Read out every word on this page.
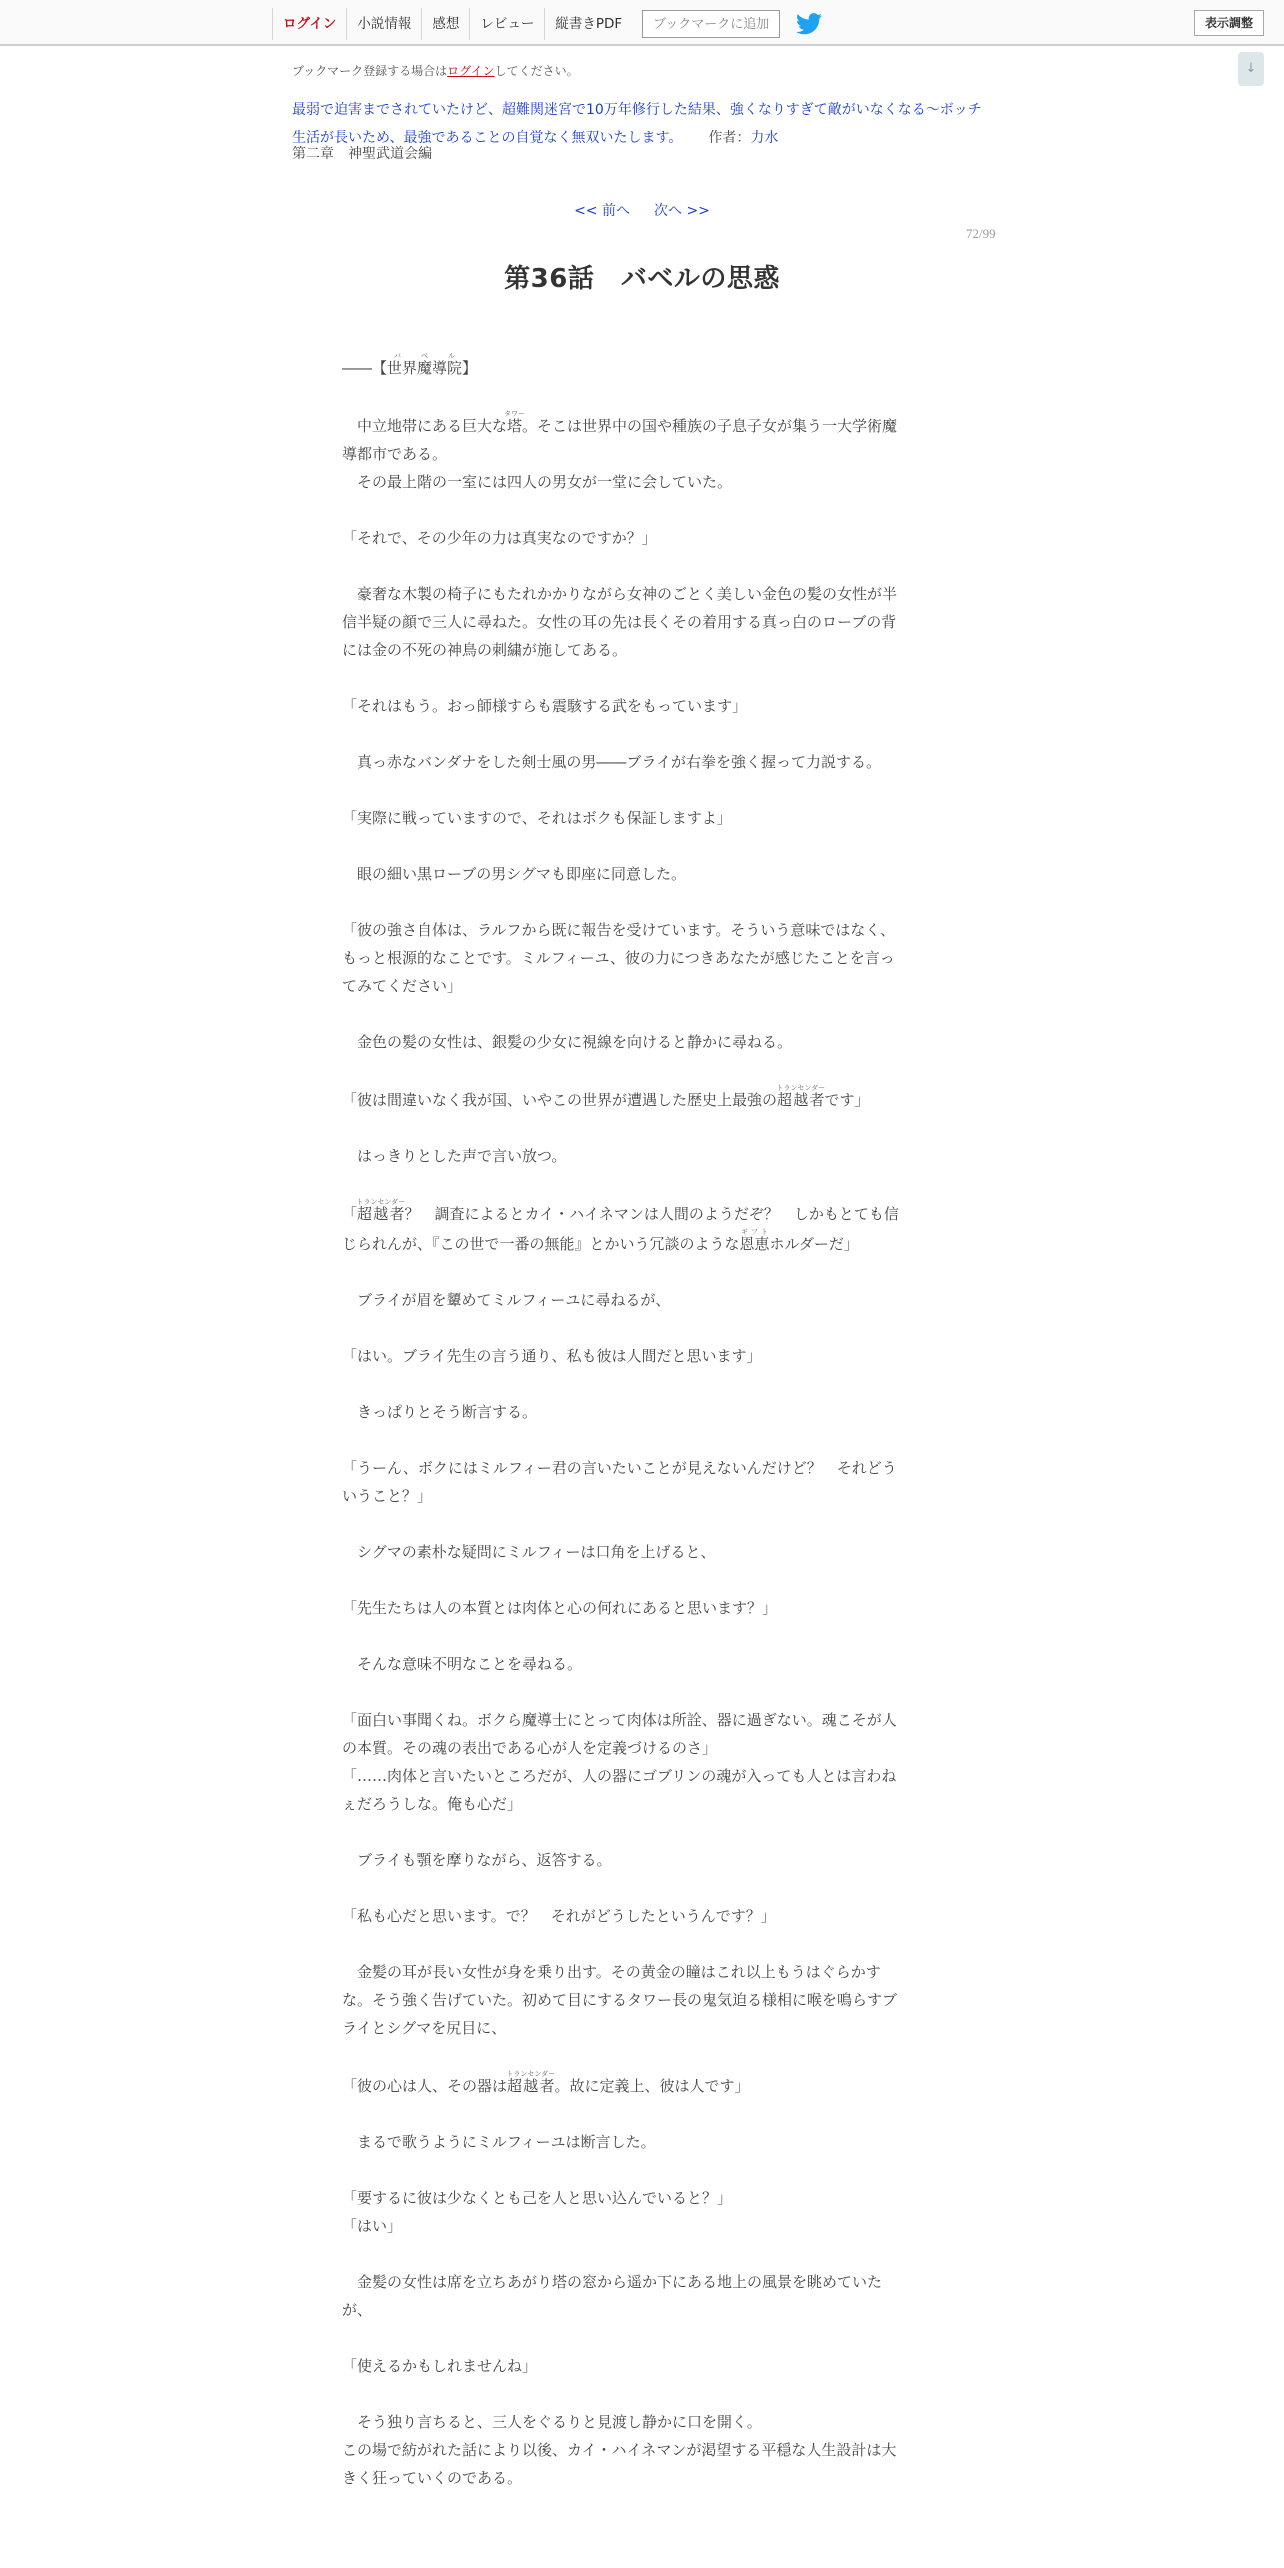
ログイン	小説情報	感想	レビュー	縦書きPDF	ブックマークに追加	表示調整
↓
ブックマーク登録する場合はログインしてください。
最弱で迫害までされていたけど、超難関迷宮で10万年修行した結果、強くなりすぎて敵がいなくなる～ボッチ
生活が長いため、最強であることの自覚なく無双いたします。 作者：力水
第二章　神聖武道会編
<< 前へ 次へ >>
72/99
第36話　バベルの思惑

――【世界魔導院バベル】

　中立地帯にある巨大な塔タワー。そこは世界中の国や種族の子息子女が集う一大学術魔

導都市である。

　その最上階の一室には四人の男女が一堂に会していた。

「それで、その少年の力は真実なのですか？」

　豪奢な木製の椅子にもたれかかりながら女神のごとく美しい金色の髪の女性が半

信半疑の顔で三人に尋ねた。女性の耳の先は長くその着用する真っ白のローブの背

には金の不死の神鳥の刺繍が施してある。

「それはもう。おっ師様すらも震駭する武をもっています」

　真っ赤なバンダナをした剣士風の男――ブライが右拳を強く握って力説する。

「実際に戦っていますので、それはボクも保証しますよ」

　眼の細い黒ローブの男シグマも即座に同意した。

「彼の強さ自体は、ラルフから既に報告を受けています。そういう意味ではなく、

もっと根源的なことです。ミルフィーユ、彼の力につきあなたが感じたことを言っ

てみてください」

　金色の髪の女性は、銀髪の少女に視線を向けると静かに尋ねる。

「彼は間違いなく我が国、いやこの世界が遭遇した歴史上最強の超越者トランセンダーです」

　はっきりとした声で言い放つ。

「超越者トランセンダー？　調査によるとカイ・ハイネマンは人間のようだぞ？　しかもとても信

じられんが、『この世で一番の無能』とかいう冗談のような恩恵ギフトホルダーだ」

　ブライが眉を顰めてミルフィーユに尋ねるが、

「はい。ブライ先生の言う通り、私も彼は人間だと思います」

　きっぱりとそう断言する。

「うーん、ボクにはミルフィー君の言いたいことが見えないんだけど？　それどう

いうこと？」

　シグマの素朴な疑問にミルフィーは口角を上げると、

「先生たちは人の本質とは肉体と心の何れにあると思います？」

　そんな意味不明なことを尋ねる。

「面白い事聞くね。ボクら魔導士にとって肉体は所詮、器に過ぎない。魂こそが人

の本質。その魂の表出である心が人を定義づけるのさ」

「……肉体と言いたいところだが、人の器にゴブリンの魂が入っても人とは言わね

ぇだろうしな。俺も心だ」

　ブライも顎を摩りながら、返答する。

「私も心だと思います。で？　それがどうしたというんです？」

　金髪の耳が長い女性が身を乗り出す。その黄金の瞳はこれ以上もうはぐらかす

な。そう強く告げていた。初めて目にするタワー長の鬼気迫る様相に喉を鳴らすブ

ライとシグマを尻目に、

「彼の心は人、その器は超越者トランセンダー。故に定義上、彼は人です」

　まるで歌うようにミルフィーユは断言した。

「要するに彼は少なくとも己を人と思い込んでいると？」

「はい」

　金髪の女性は席を立ちあがり塔の窓から遥か下にある地上の風景を眺めていた

が、

「使えるかもしれませんね」

　そう独り言ちると、三人をぐるりと見渡し静かに口を開く。

この場で紡がれた話により以後、カイ・ハイネマンが渇望する平穏な人生設計は大

きく狂っていくのである。
